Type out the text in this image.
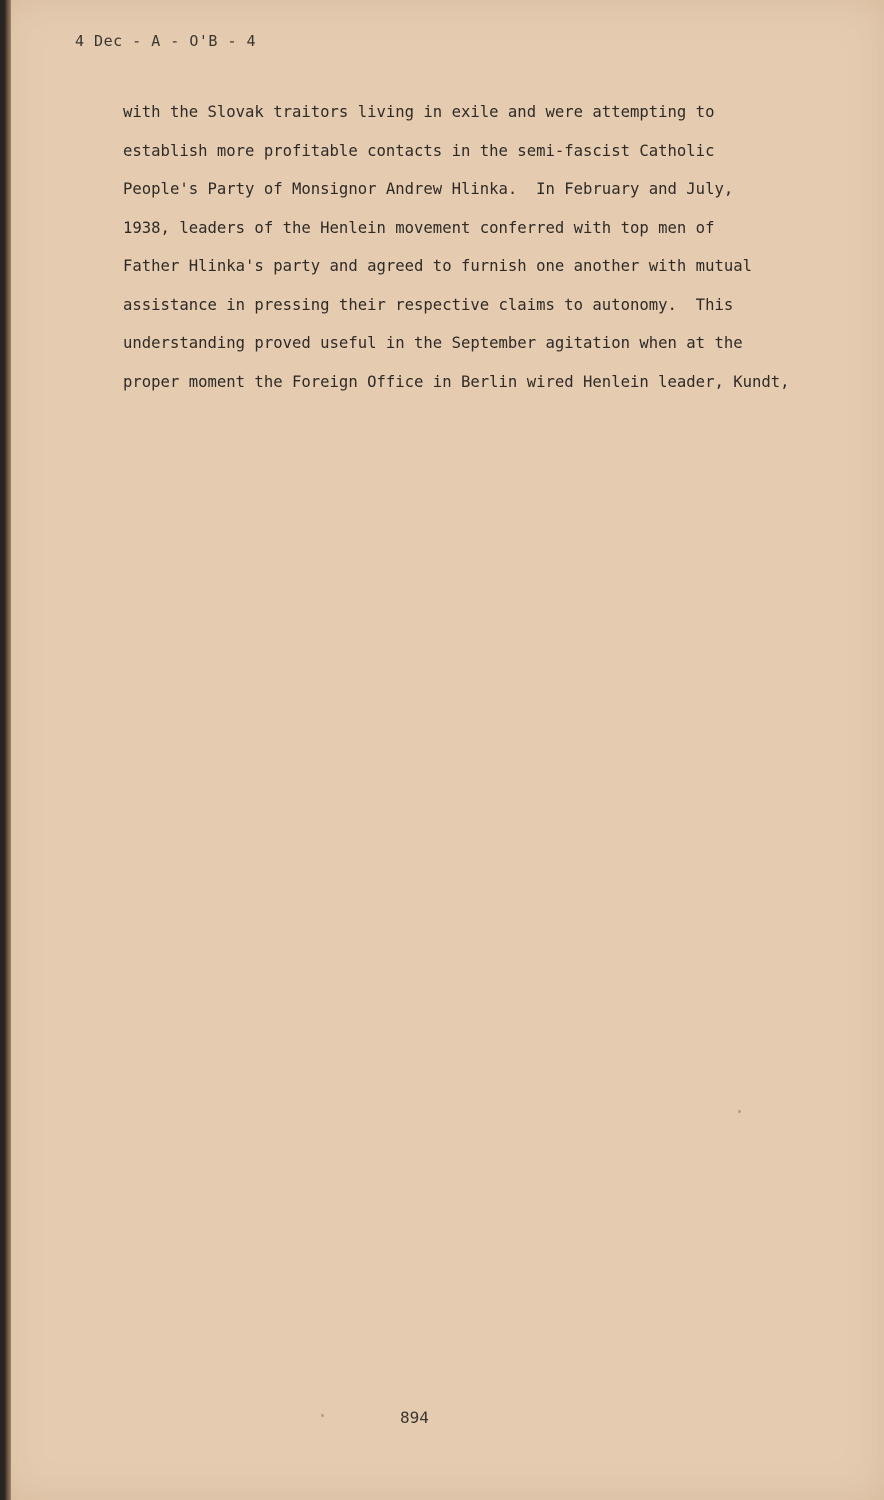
4 Dec - A - O'B - 4
with the Slovak traitors living in exile and were attempting to
establish more profitable contacts in the semi-fascist Catholic
People's Party of Monsignor Andrew Hlinka.  In February and July,
1938, leaders of the Henlein movement conferred with top men of
Father Hlinka's party and agreed to furnish one another with mutual
assistance in pressing their respective claims to autonomy.  This
understanding proved useful in the September agitation when at the
proper moment the Foreign Office in Berlin wired Henlein leader, Kundt,
894
